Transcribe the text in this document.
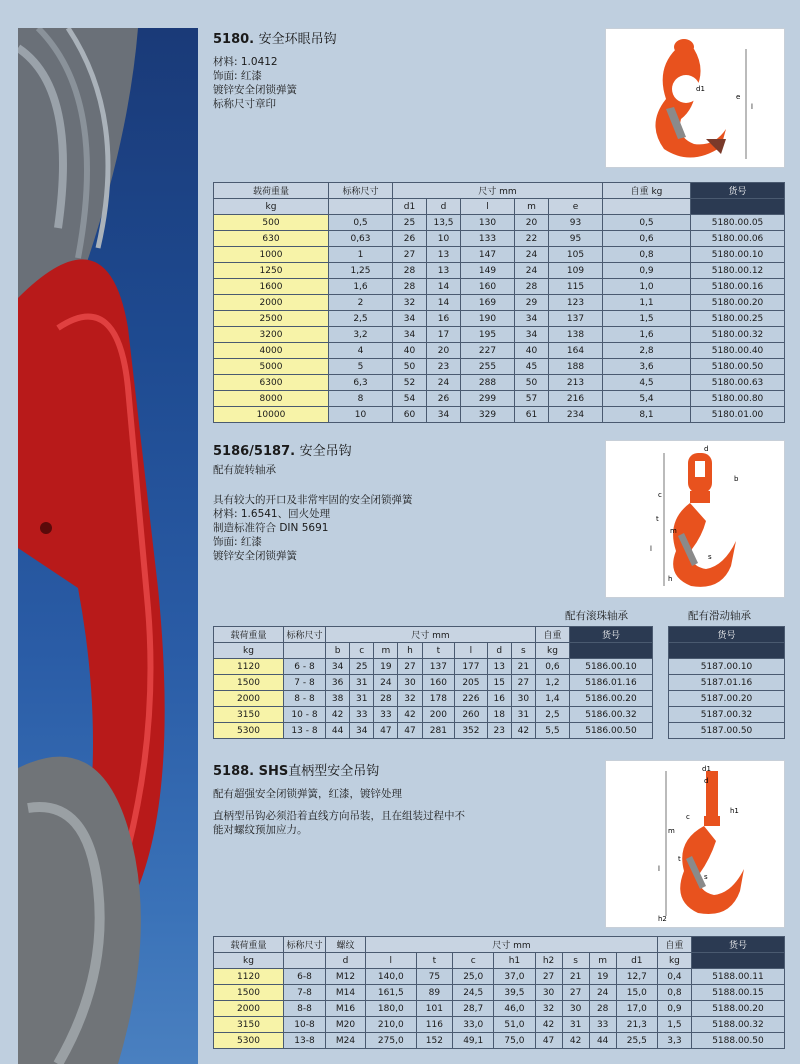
5180. 安全环眼吊钩
材料: 1.0412
饰面: 红漆
镀锌安全闭锁弹簧
标称尺寸章印
d1
e
l
载荷重量	标称尺寸	尺寸 mm					自重 kg	货号
kg		d1	d	l	m	e		
500	0,5	25	13,5	130	20	93	0,5	5180.00.05
630	0,63	26	10	133	22	95	0,6	5180.00.06
1000	1	27	13	147	24	105	0,8	5180.00.10
1250	1,25	28	13	149	24	109	0,9	5180.00.12
1600	1,6	28	14	160	28	115	1,0	5180.00.16
2000	2	32	14	169	29	123	1,1	5180.00.20
2500	2,5	34	16	190	34	137	1,5	5180.00.25
3200	3,2	34	17	195	34	138	1,6	5180.00.32
4000	4	40	20	227	40	164	2,8	5180.00.40
5000	5	50	23	255	45	188	3,6	5180.00.50
6300	6,3	52	24	288	50	213	4,5	5180.00.63
8000	8	54	26	299	57	216	5,4	5180.00.80
10000	10	60	34	329	61	234	8,1	5180.01.00
5186/5187. 安全吊钩
配有旋转轴承
具有较大的开口及非常牢固的安全闭锁弹簧
材料: 1.6541、回火处理
制造标准符合 DIN 5691
饰面: 红漆
镀锌安全闭锁弹簧
d
m
h
s
t
l
c
b
配有滚珠轴承	配有滑动轴承
载荷重量	标称尺寸	尺寸 mm								自重	货号
kg		b	c	m	h	t	l	d	s	kg	
1120	6 - 8	34	25	19	27	137	177	13	21	0,6	5186.00.10
1500	7 - 8	36	31	24	30	160	205	15	27	1,2	5186.01.16
2000	8 - 8	38	31	28	32	178	226	16	30	1,4	5186.00.20
3150	10 - 8	42	33	33	42	200	260	18	31	2,5	5186.00.32
5300	13 - 8	44	34	47	47	281	352	23	42	5,5	5186.00.50
货号

5187.00.10
5187.01.16
5187.00.20
5187.00.32
5187.00.50
5188. SHS直柄型安全吊钩
配有超强安全闭锁弹簧，红漆，镀锌处理
直柄型吊钩必须沿着直线方向吊装，且在组装过程中不
能对螺纹预加应力。
d1
d
h1
c
m
t
s
l
h2
载荷重量	标称尺寸	螺纹	尺寸 mm								自重	货号
kg		d	l	t	c	h1	h2	s	m	d1	kg	
1120	6-8	M12	140,0	75	25,0	37,0	27	21	19	12,7	0,4	5188.00.11
1500	7-8	M14	161,5	89	24,5	39,5	30	27	24	15,0	0,8	5188.00.15
2000	8-8	M16	180,0	101	28,7	46,0	32	30	28	17,0	0,9	5188.00.20
3150	10-8	M20	210,0	116	33,0	51,0	42	31	33	21,3	1,5	5188.00.32
5300	13-8	M24	275,0	152	49,1	75,0	47	42	44	25,5	3,3	5188.00.50
